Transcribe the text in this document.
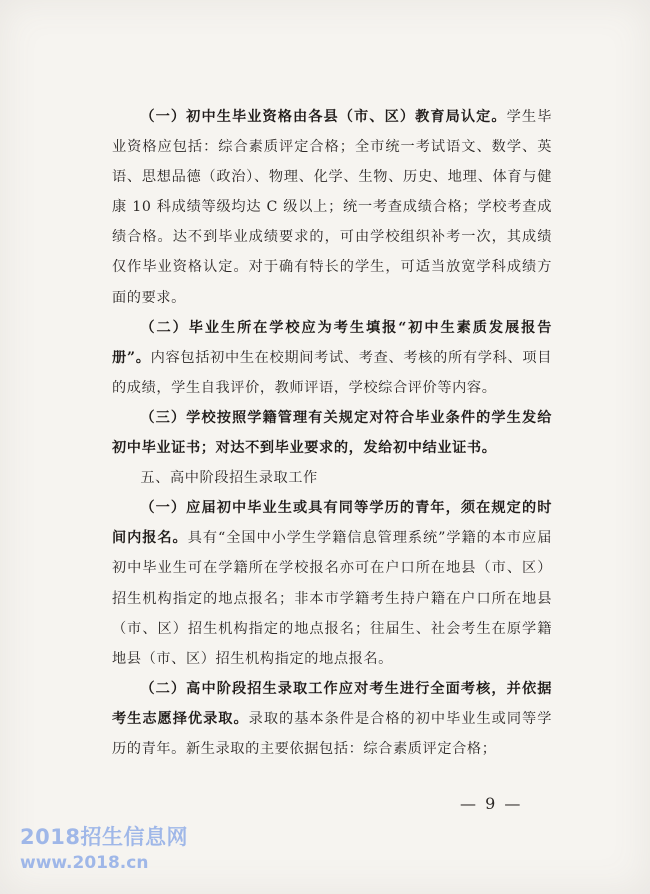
（一）初中生毕业资格由各县（市、区）教育局认定。学生毕业资格应包括：综合素质评定合格；全市统一考试语文、数学、英语、思想品德（政治）、物理、化学、生物、历史、地理、体育与健康 10 科成绩等级均达 C 级以上；统一考查成绩合格；学校考查成绩合格。达不到毕业成绩要求的，可由学校组织补考一次，其成绩仅作毕业资格认定。对于确有特长的学生，可适当放宽学科成绩方面的要求。

（二）毕业生所在学校应为考生填报“初中生素质发展报告册”。内容包括初中生在校期间考试、考查、考核的所有学科、项目的成绩，学生自我评价，教师评语，学校综合评价等内容。

（三）学校按照学籍管理有关规定对符合毕业条件的学生发给初中毕业证书；对达不到毕业要求的，发给初中结业证书。

五、高中阶段招生录取工作

（一）应届初中毕业生或具有同等学历的青年，须在规定的时间内报名。具有“全国中小学生学籍信息管理系统”学籍的本市应届初中毕业生可在学籍所在学校报名亦可在户口所在地县（市、区）招生机构指定的地点报名；非本市学籍考生持户籍在户口所在地县（市、区）招生机构指定的地点报名；往届生、社会考生在原学籍地县（市、区）招生机构指定的地点报名。

（二）高中阶段招生录取工作应对考生进行全面考核，并依据考生志愿择优录取。录取的基本条件是合格的初中毕业生或同等学历的青年。新生录取的主要依据包括：综合素质评定合格；

— 9 —
2018招生信息网
www.2018.cn
